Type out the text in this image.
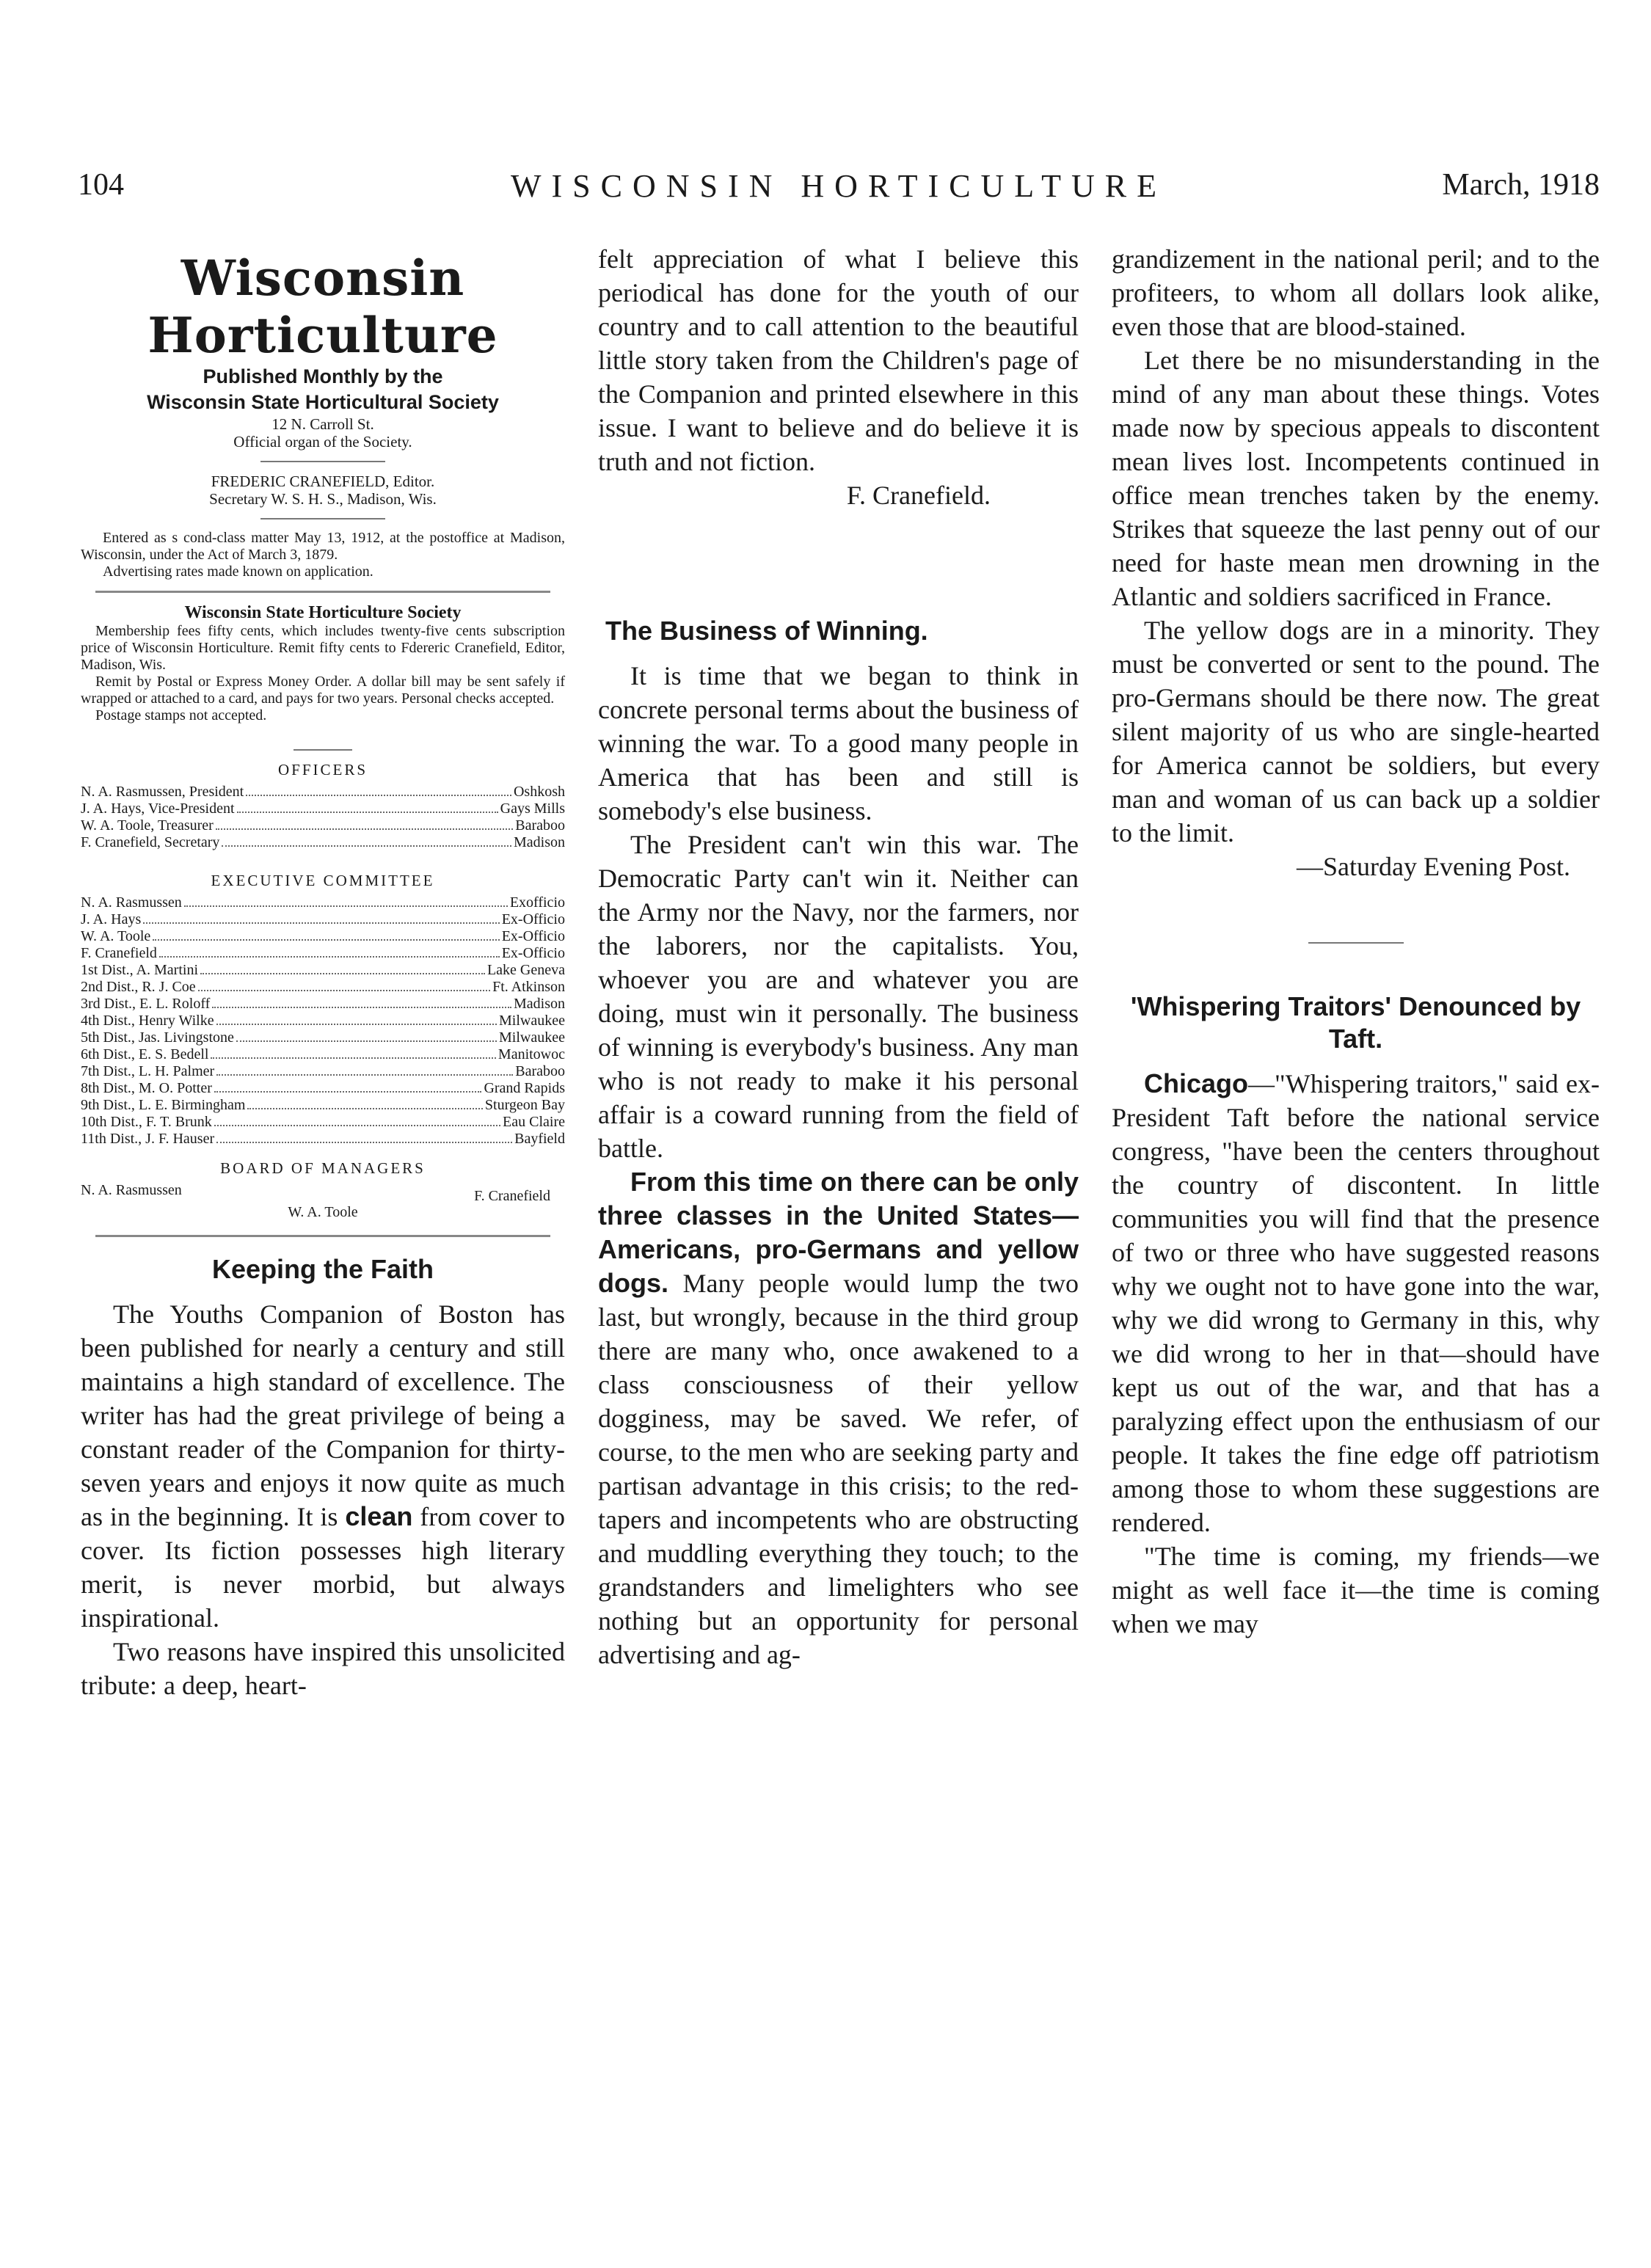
104	WISCONSIN HORTICULTURE	March, 1918
Wisconsin Horticulture
Published Monthly by the
Wisconsin State Horticultural Society
12 N. Carroll St.
Official organ of the Society.
FREDERIC CRANEFIELD, Editor.
Secretary W. S. H. S., Madison, Wis.
Entered as s cond-class matter May 13, 1912, at the postoffice at Madison, Wisconsin, under the Act of March 3, 1879.
Advertising rates made known on application.
Wisconsin State Horticulture Society
Membership fees fifty cents, which includes twenty-five cents subscription price of Wisconsin Horticulture. Remit fifty cents to Fdereric Cranefield, Editor, Madison, Wis.
Remit by Postal or Express Money Order. A dollar bill may be sent safely if wrapped or attached to a card, and pays for two years. Personal checks accepted.
Postage stamps not accepted.
OFFICERS
N. A. Rasmussen, President	Oshkosh
J. A. Hays, Vice-President	Gays Mills
W. A. Toole, Treasurer	Baraboo
F. Cranefield, Secretary	Madison
EXECUTIVE COMMITTEE
N. A. Rasmussen	Exofficio
J. A. Hays	Ex-Officio
W. A. Toole	Ex-Officio
F. Cranefield	Ex-Officio
1st Dist., A. Martini	Lake Geneva
2nd Dist., R. J. Coe	Ft. Atkinson
3rd Dist., E. L. Roloff	Madison
4th Dist., Henry Wilke	Milwaukee
5th Dist., Jas. Livingstone	Milwaukee
6th Dist., E. S. Bedell	Manitowoc
7th Dist., L. H. Palmer	Baraboo
8th Dist., M. O. Potter	Grand Rapids
9th Dist., L. E. Birmingham	Sturgeon Bay
10th Dist., F. T. Brunk	Eau Claire
11th Dist., J. F. Hauser	Bayfield
BOARD OF MANAGERS
N. A. Rasmussen	F. Cranefield
W. A. Toole
Keeping the Faith

The Youths Companion of Boston has been published for nearly a century and still maintains a high standard of excellence. The writer has had the great privilege of being a constant reader of the Companion for thirty-seven years and enjoys it now quite as much as in the beginning. It is clean from cover to cover. Its fiction possesses high literary merit, is never morbid, but always inspirational.

Two reasons have inspired this unsolicited tribute: a deep, heart-

felt appreciation of what I believe this periodical has done for the youth of our country and to call attention to the beautiful little story taken from the Children's page of the Companion and printed elsewhere in this issue. I want to believe and do believe it is truth and not fiction.

F. Cranefield.
The Business of Winning.

It is time that we began to think in concrete personal terms about the business of winning the war. To a good many people in America that has been and still is somebody's else business.

The President can't win this war. The Democratic Party can't win it. Neither can the Army nor the Navy, nor the farmers, nor the laborers, nor the capitalists. You, whoever you are and whatever you are doing, must win it personally. The business of winning is everybody's business. Any man who is not ready to make it his personal affair is a coward running from the field of battle.

From this time on there can be only three classes in the United States—Americans, pro-Germans and yellow dogs. Many people would lump the two last, but wrongly, because in the third group there are many who, once awakened to a class consciousness of their yellow dogginess, may be saved. We refer, of course, to the men who are seeking party and partisan advantage in this crisis; to the red-tapers and incompetents who are obstructing and muddling everything they touch; to the grandstanders and limelighters who see nothing but an opportunity for personal advertising and ag-

grandizement in the national peril; and to the profiteers, to whom all dollars look alike, even those that are blood-stained.

Let there be no misunderstanding in the mind of any man about these things. Votes made now by specious appeals to discontent mean lives lost. Incompetents continued in office mean trenches taken by the enemy. Strikes that squeeze the last penny out of our need for haste mean men drowning in the Atlantic and soldiers sacrificed in France.

The yellow dogs are in a minority. They must be converted or sent to the pound. The pro-Germans should be there now. The great silent majority of us who are single-hearted for America cannot be soldiers, but every man and woman of us can back up a soldier to the limit.

—Saturday Evening Post.
'Whispering Traitors' Denounced by Taft.

Chicago—"Whispering traitors," said ex-President Taft before the national service congress, "have been the centers throughout the country of discontent. In little communities you will find that the presence of two or three who have suggested reasons why we ought not to have gone into the war, why we did wrong to Germany in this, why we did wrong to her in that—should have kept us out of the war, and that has a paralyzing effect upon the enthusiasm of our people. It takes the fine edge off patriotism among those to whom these suggestions are rendered.

"The time is coming, my friends—we might as well face it—the time is coming when we may
